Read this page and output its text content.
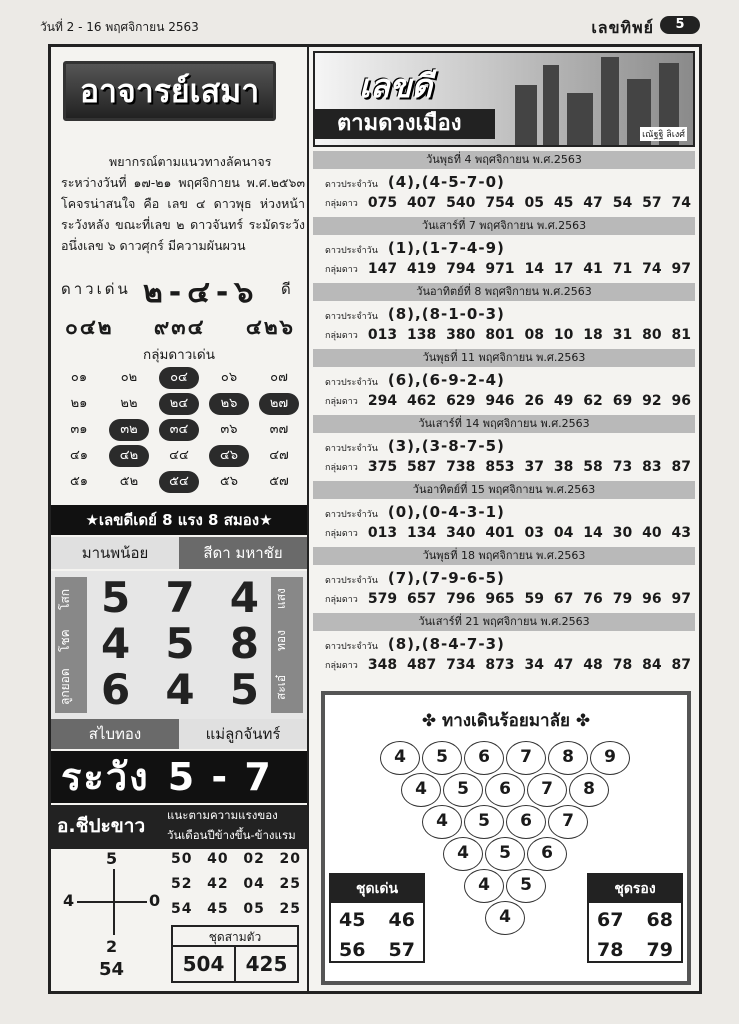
วันที่ 2 - 16 พฤศจิกายน 2563	เลขทิพย์	5
อาจารย์เสมา

พยากรณ์ตามแนวทางลัคนาจรระหว่างวันที่ ๑๗-๒๑ พฤศจิกายน พ.ศ.๒๕๖๓ โคจรน่าสนใจ คือ เลข ๔ ดาวพุธ ห่วงหน้าระวังหลัง ขณะที่เลข ๒ ดาวจันทร์ ระมัดระวัง อนึ่งเลข ๖ ดาวศุกร์ มีความผันผวน

ดาวเด่น ๒-๔-๖ ดี
๐๔๒ ๙๓๔ ๔๒๖
กลุ่มดาวเด่น
๐๑	๐๒	๐๔	๐๖	๐๗
๒๑	๒๒	๒๔	๒๖	๒๗
๓๑	๓๒	๓๔	๓๖	๓๗
๔๑	๔๒	๔๔	๔๖	๔๗
๕๑	๕๒	๕๔	๕๖	๕๗
★เลขดีเดย์ 8 แรง 8 สมอง★
มานพน้อย	สีดา มหาชัย
โสก
โชค
ลูกยอด
5 7 4
4 5 8
6 4 5
แสง
ทอง
สะเอ๋
สไบทอง	แม่ลูกจันทร์
ระวัง 5 - 7
อ.ชีปะขาว แนะตามความแรงของ
วันเดือนปีข้างขึ้น-ข้างแรม
5
4	0
2
54
50 40 02 20
52 42 04 25
54 45 05 25
ชุดสามตัว
504	425
เลขดี
ตามดวงเมือง	เณัฐฐิ ลิเงศ์
วันพุธที่ 4 พฤศจิกายน พ.ศ.2563
ดาวประจำวัน (4),(4-5-7-0)
กลุ่มดาว 075 407 540 754 05 45 47 54 57 74
วันเสาร์ที่ 7 พฤศจิกายน พ.ศ.2563
ดาวประจำวัน (1),(1-7-4-9)
กลุ่มดาว 147 419 794 971 14 17 41 71 74 97
วันอาทิตย์ที่ 8 พฤศจิกายน พ.ศ.2563
ดาวประจำวัน (8),(8-1-0-3)
กลุ่มดาว 013 138 380 801 08 10 18 31 80 81
วันพุธที่ 11 พฤศจิกายน พ.ศ.2563
ดาวประจำวัน (6),(6-9-2-4)
กลุ่มดาว 294 462 629 946 26 49 62 69 92 96
วันเสาร์ที่ 14 พฤศจิกายน พ.ศ.2563
ดาวประจำวัน (3),(3-8-7-5)
กลุ่มดาว 375 587 738 853 37 38 58 73 83 87
วันอาทิตย์ที่ 15 พฤศจิกายน พ.ศ.2563
ดาวประจำวัน (0),(0-4-3-1)
กลุ่มดาว 013 134 340 401 03 04 14 30 40 43
วันพุธที่ 18 พฤศจิกายน พ.ศ.2563
ดาวประจำวัน (7),(7-9-6-5)
กลุ่มดาว 579 657 796 965 59 67 76 79 96 97
วันเสาร์ที่ 21 พฤศจิกายน พ.ศ.2563
ดาวประจำวัน (8),(8-4-7-3)
กลุ่มดาว 348 487 734 873 34 47 48 78 84 87
✤ ทางเดินร้อยมาลัย ✤
4	5	6	7	8	9
4	5	6	7	8
4	5	6	7
4	5	6
4	5
4
ชุดเด่น
45 46
56 57
ชุดรอง
67 68
78 79
